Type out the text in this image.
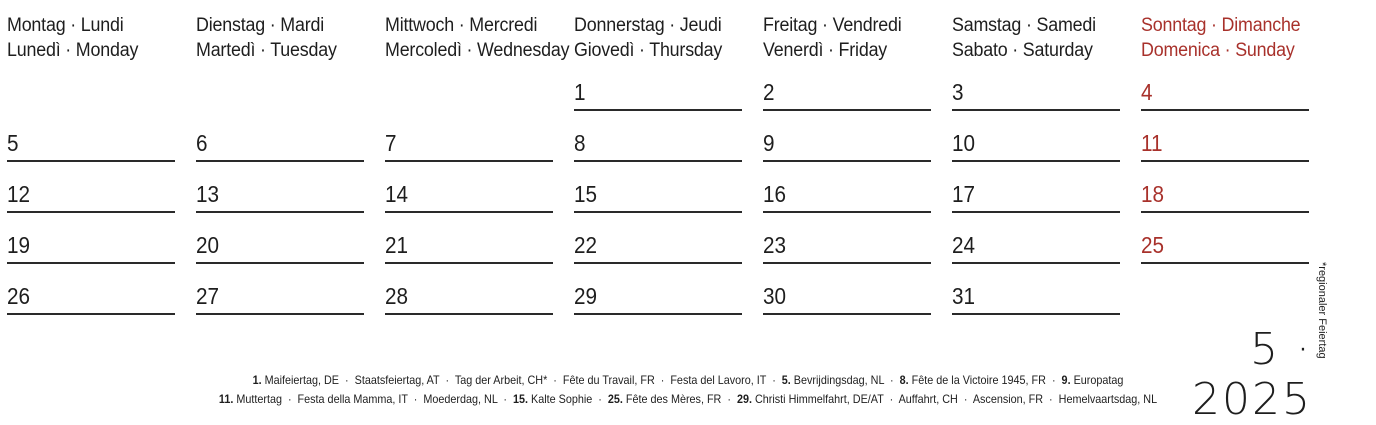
Montag · Lundi
Lunedì · Monday
5
12
19
26
Dienstag · Mardi
Martedì · Tuesday
6
13
20
27
Mittwoch · Mercredi
Mercoledì · Wednesday
7
14
21
28
Donnerstag · Jeudi
Giovedì · Thursday
1
8
15
22
29
Freitag · Vendredi
Venerdì · Friday
2
9
16
23
30
Samstag · Samedi
Sabato · Saturday
3
10
17
24
31
Sonntag · Dimanche
Domenica · Sunday
4
11
18
25
5 · 2025
*regionaler Feiertag
1. Maifeiertag, DE  ·  Staatsfeiertag, AT  ·  Tag der Arbeit, CH*  ·  Fête du Travail, FR  ·  Festa del Lavoro, IT  ·  5. Bevrijdingsdag, NL  ·  8. Fête de la Victoire 1945, FR  ·  9. Europatag
11. Muttertag  ·  Festa della Mamma, IT  ·  Moederdag, NL  ·  15. Kalte Sophie  ·  25. Fête des Mères, FR  ·  29. Christi Himmelfahrt, DE/AT  ·  Auffahrt, CH  ·  Ascension, FR  ·  Hemelvaartsdag, NL
